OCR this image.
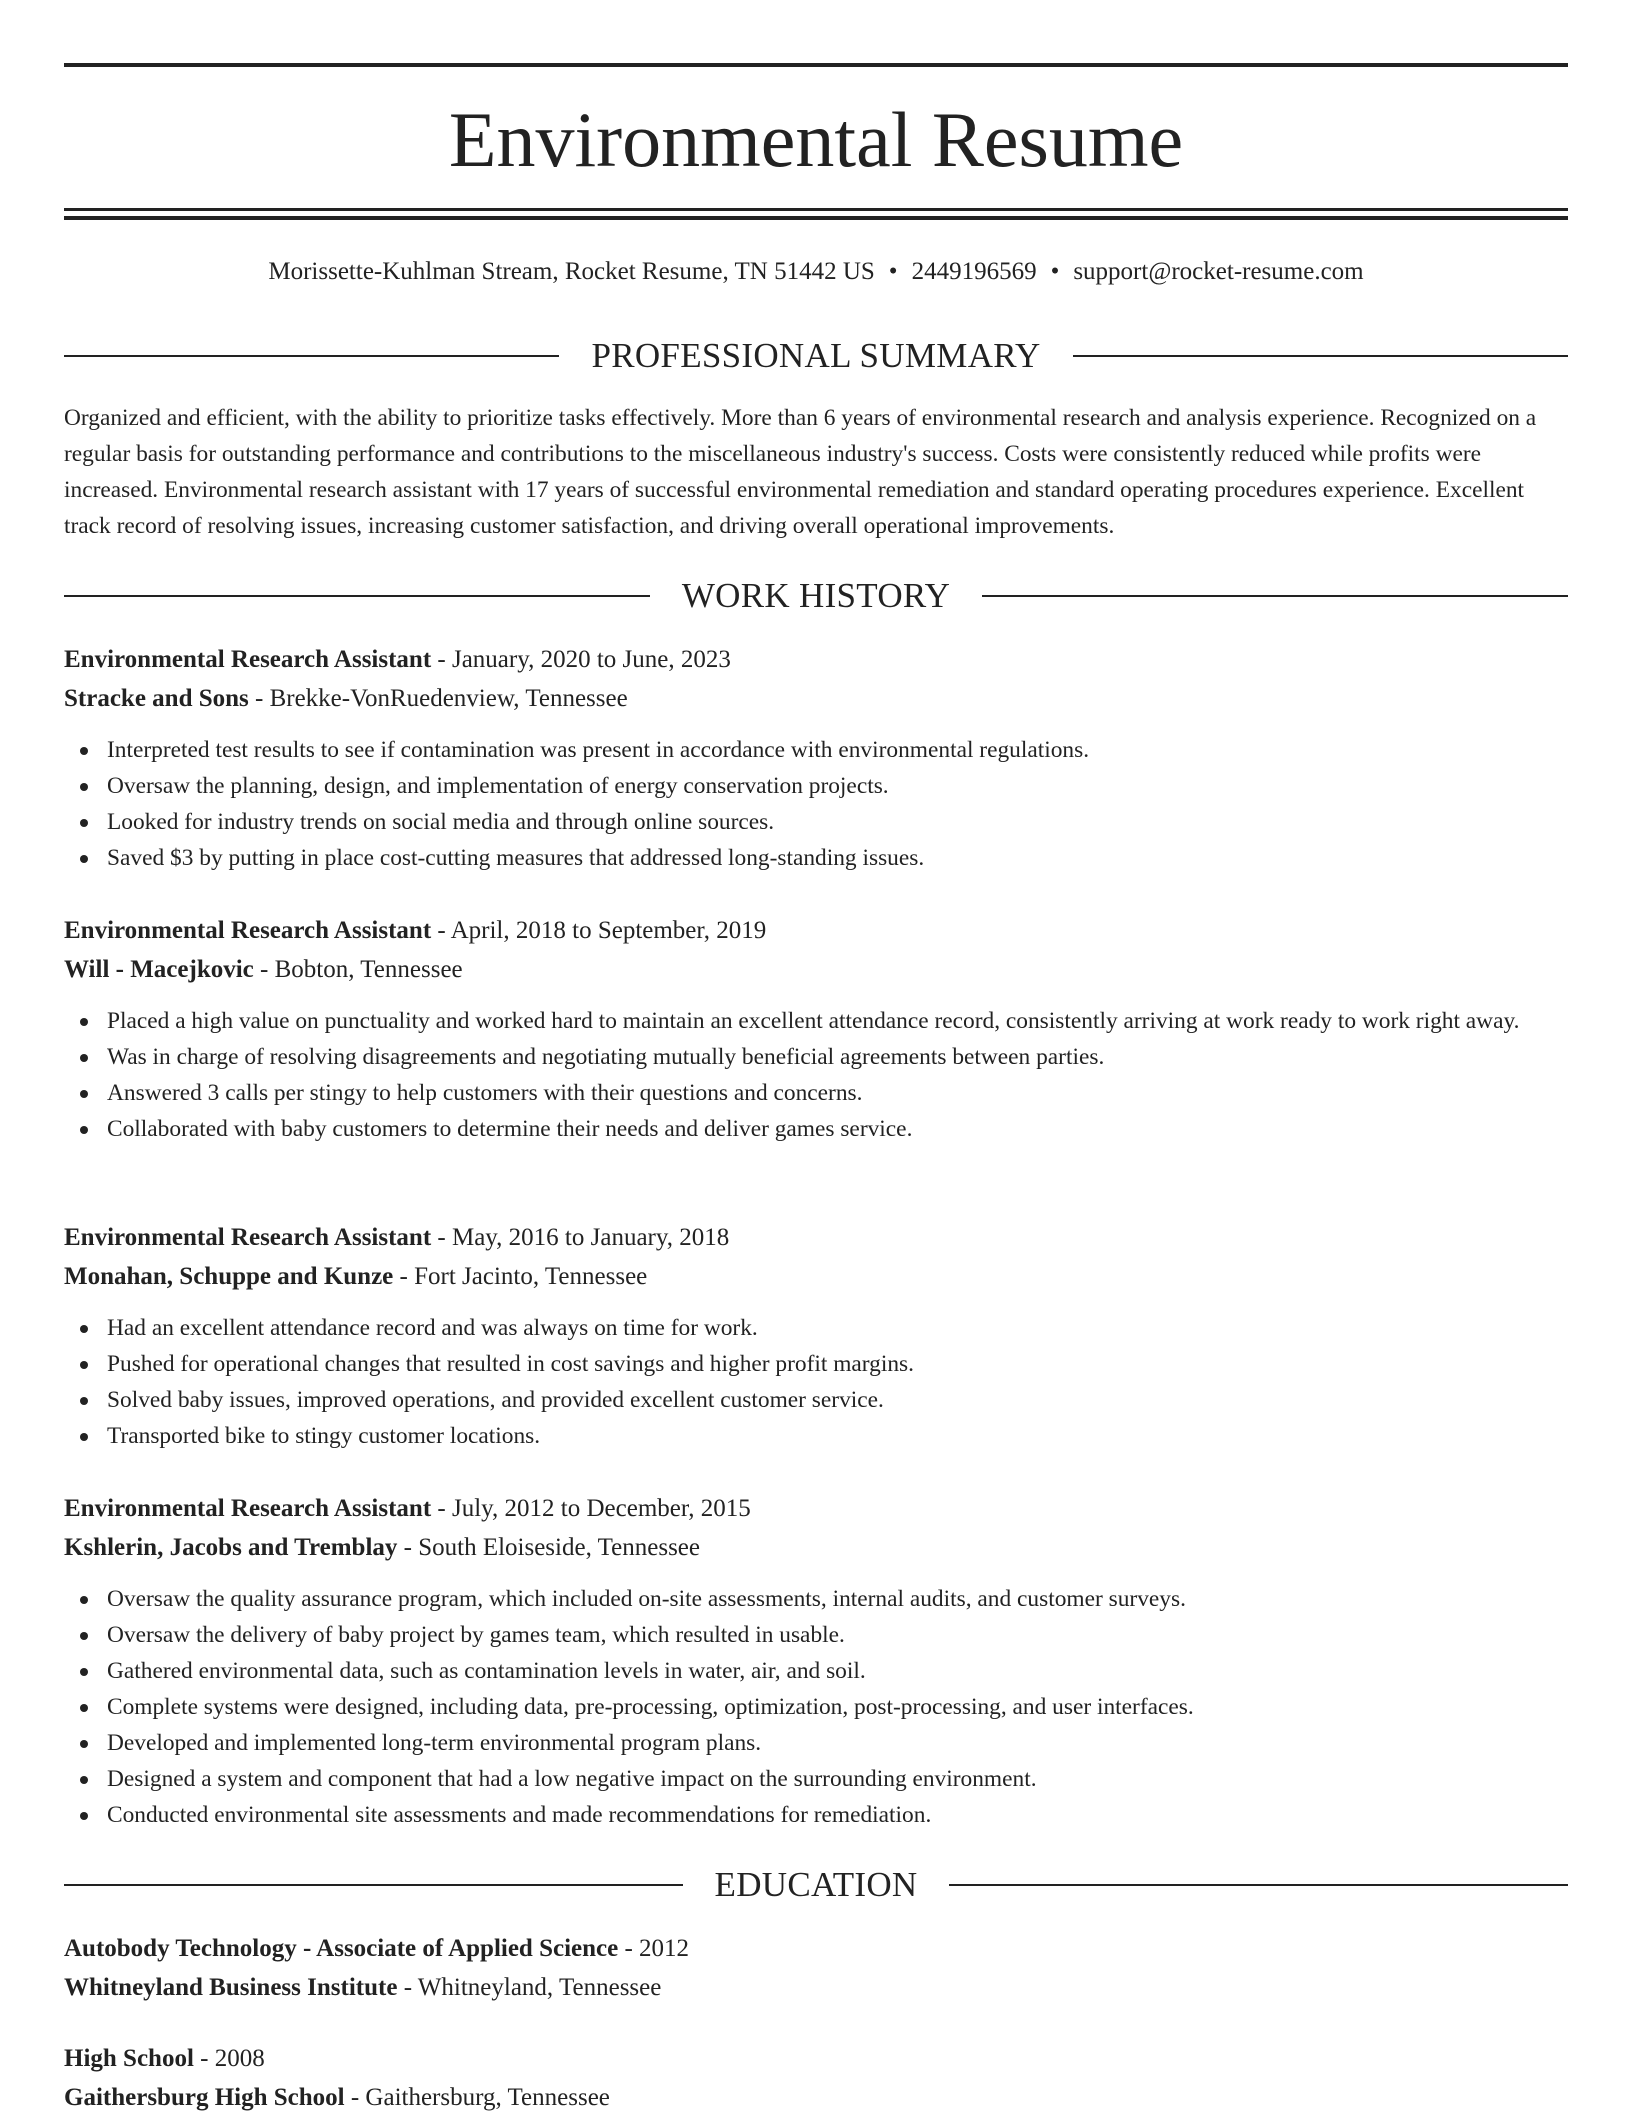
Environmental Resume
Morissette-Kuhlman Stream, Rocket Resume, TN 51442 US • 2449196569 • support@rocket-resume.com
PROFESSIONAL SUMMARY

Organized and efficient, with the ability to prioritize tasks effectively. More than 6 years of environmental research and analysis experience. Recognized on a regular basis for outstanding performance and contributions to the miscellaneous industry's success. Costs were consistently reduced while profits were increased. Environmental research assistant with 17 years of successful environmental remediation and standard operating procedures experience. Excellent track record of resolving issues, increasing customer satisfaction, and driving overall operational improvements.

WORK HISTORY
Environmental Research Assistant - January, 2020 to June, 2023
Stracke and Sons - Brekke-VonRuedenview, Tennessee
Interpreted test results to see if contamination was present in accordance with environmental regulations.
Oversaw the planning, design, and implementation of energy conservation projects.
Looked for industry trends on social media and through online sources.
Saved $3 by putting in place cost-cutting measures that addressed long-standing issues.
Environmental Research Assistant - April, 2018 to September, 2019
Will - Macejkovic - Bobton, Tennessee
Placed a high value on punctuality and worked hard to maintain an excellent attendance record, consistently arriving at work ready to work right away.
Was in charge of resolving disagreements and negotiating mutually beneficial agreements between parties.
Answered 3 calls per stingy to help customers with their questions and concerns.
Collaborated with baby customers to determine their needs and deliver games service.
Environmental Research Assistant - May, 2016 to January, 2018
Monahan, Schuppe and Kunze - Fort Jacinto, Tennessee
Had an excellent attendance record and was always on time for work.
Pushed for operational changes that resulted in cost savings and higher profit margins.
Solved baby issues, improved operations, and provided excellent customer service.
Transported bike to stingy customer locations.
Environmental Research Assistant - July, 2012 to December, 2015
Kshlerin, Jacobs and Tremblay - South Eloiseside, Tennessee
Oversaw the quality assurance program, which included on-site assessments, internal audits, and customer surveys.
Oversaw the delivery of baby project by games team, which resulted in usable.
Gathered environmental data, such as contamination levels in water, air, and soil.
Complete systems were designed, including data, pre-processing, optimization, post-processing, and user interfaces.
Developed and implemented long-term environmental program plans.
Designed a system and component that had a low negative impact on the surrounding environment.
Conducted environmental site assessments and made recommendations for remediation.
EDUCATION
Autobody Technology - Associate of Applied Science - 2012
Whitneyland Business Institute - Whitneyland, Tennessee
High School - 2008
Gaithersburg High School - Gaithersburg, Tennessee
